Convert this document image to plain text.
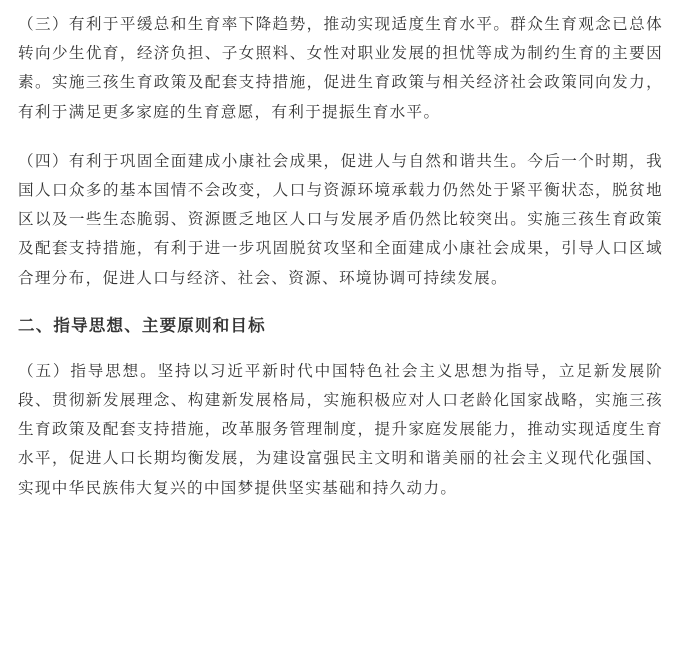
（三）有利于平缓总和生育率下降趋势，推动实现适度生育水平。群众生育观念已总体转向少生优育，经济负担、子女照料、女性对职业发展的担忧等成为制约生育的主要因素。实施三孩生育政策及配套支持措施，促进生育政策与相关经济社会政策同向发力，有利于满足更多家庭的生育意愿，有利于提振生育水平。

（四）有利于巩固全面建成小康社会成果，促进人与自然和谐共生。今后一个时期，我国人口众多的基本国情不会改变，人口与资源环境承载力仍然处于紧平衡状态，脱贫地区以及一些生态脆弱、资源匮乏地区人口与发展矛盾仍然比较突出。实施三孩生育政策及配套支持措施，有利于进一步巩固脱贫攻坚和全面建成小康社会成果，引导人口区域合理分布，促进人口与经济、社会、资源、环境协调可持续发展。

二、指导思想、主要原则和目标

（五）指导思想。坚持以习近平新时代中国特色社会主义思想为指导，立足新发展阶段、贯彻新发展理念、构建新发展格局，实施积极应对人口老龄化国家战略，实施三孩生育政策及配套支持措施，改革服务管理制度，提升家庭发展能力，推动实现适度生育水平，促进人口长期均衡发展，为建设富强民主文明和谐美丽的社会主义现代化强国、实现中华民族伟大复兴的中国梦提供坚实基础和持久动力。
